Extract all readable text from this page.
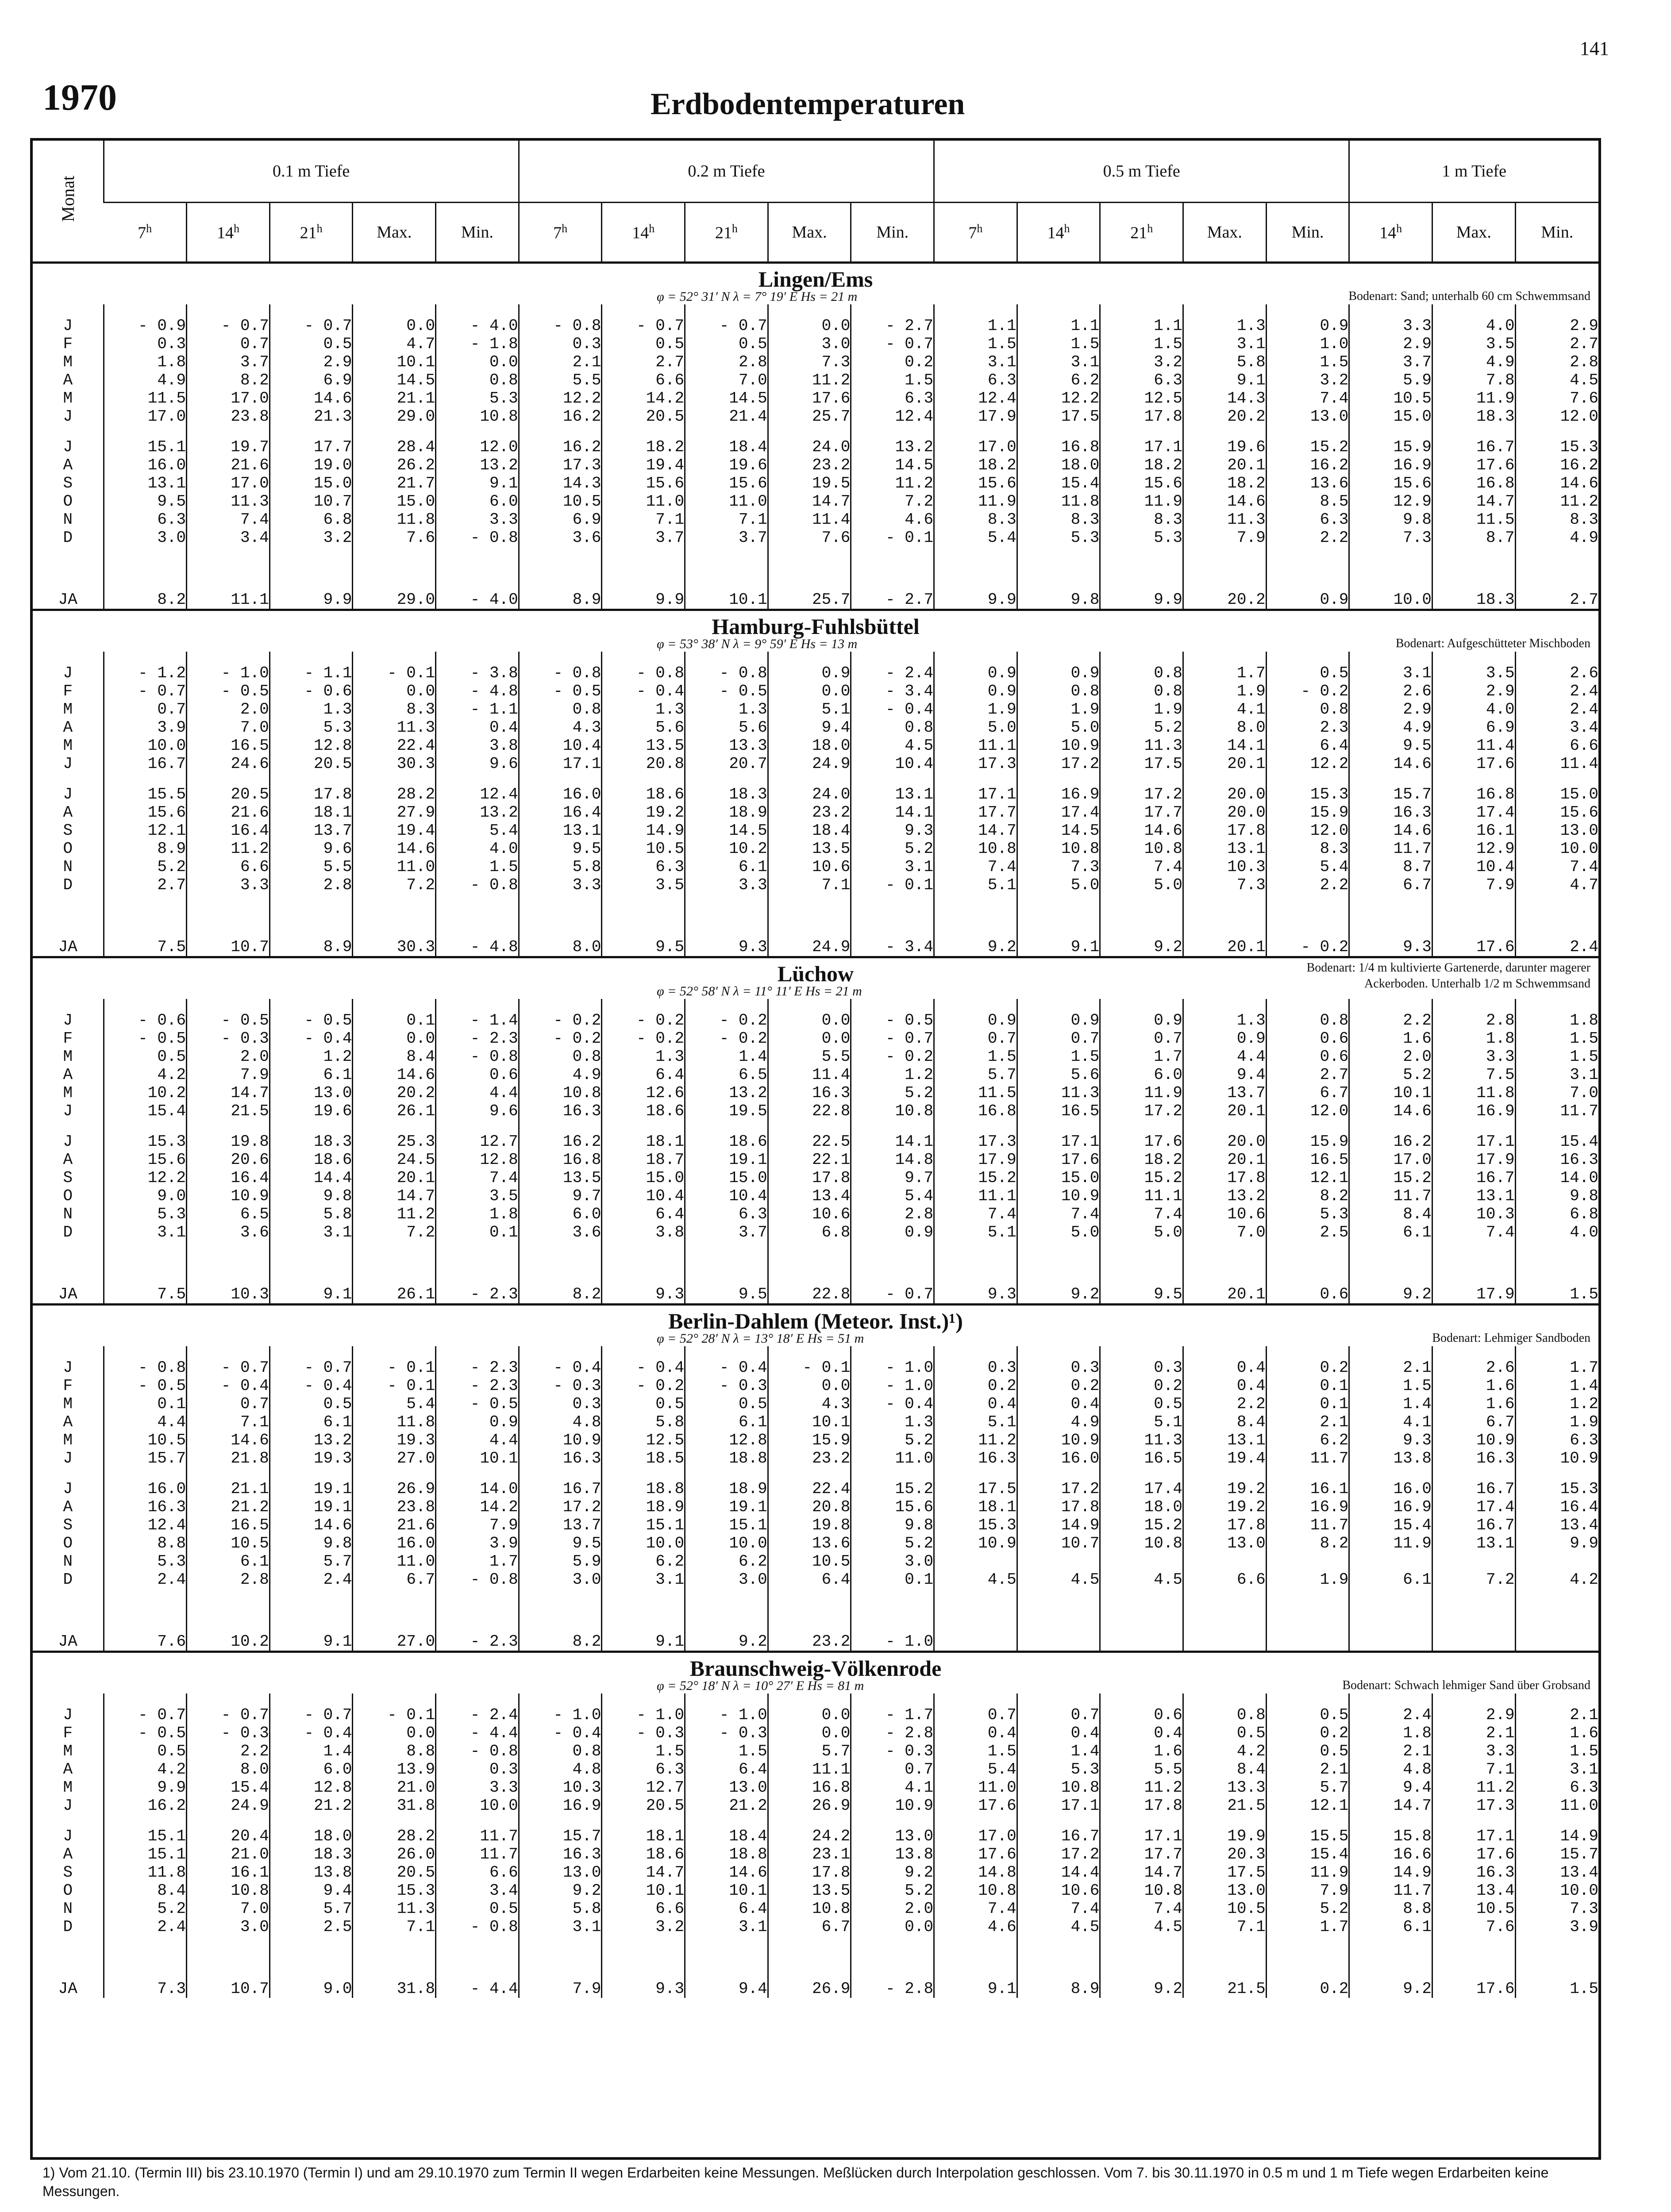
141
1970	Erdbodentemperaturen
Monat	0.1 m Tiefe					0.2 m Tiefe					0.5 m Tiefe					1 m Tiefe		
	7$^h$	14$^h$	21$^h$	Max.	Min.	7$^h$	14$^h$	21$^h$	Max.	Min.	7$^h$	14$^h$	21$^h$	Max.	Min.	14$^h$	Max.	Min.

Lingen/Ems
φ = 52° 31′ N λ = 7° 19′ E Hs = 21 m Bodenart: Sand; unterhalb 60 cm Schwemmsand																		

J	- 0.9	- 0.7	- 0.7	0.0	- 4.0	- 0.8	- 0.7	- 0.7	0.0	- 2.7	1.1	1.1	1.1	1.3	0.9	3.3	4.0	2.9
F	0.3	0.7	0.5	4.7	- 1.8	0.3	0.5	0.5	3.0	- 0.7	1.5	1.5	1.5	3.1	1.0	2.9	3.5	2.7
M	1.8	3.7	2.9	10.1	0.0	2.1	2.7	2.8	7.3	0.2	3.1	3.1	3.2	5.8	1.5	3.7	4.9	2.8
A	4.9	8.2	6.9	14.5	0.8	5.5	6.6	7.0	11.2	1.5	6.3	6.2	6.3	9.1	3.2	5.9	7.8	4.5
M	11.5	17.0	14.6	21.1	5.3	12.2	14.2	14.5	17.6	6.3	12.4	12.2	12.5	14.3	7.4	10.5	11.9	7.6
J	17.0	23.8	21.3	29.0	10.8	16.2	20.5	21.4	25.7	12.4	17.9	17.5	17.8	20.2	13.0	15.0	18.3	12.0

J	15.1	19.7	17.7	28.4	12.0	16.2	18.2	18.4	24.0	13.2	17.0	16.8	17.1	19.6	15.2	15.9	16.7	15.3
A	16.0	21.6	19.0	26.2	13.2	17.3	19.4	19.6	23.2	14.5	18.2	18.0	18.2	20.1	16.2	16.9	17.6	16.2
S	13.1	17.0	15.0	21.7	9.1	14.3	15.6	15.6	19.5	11.2	15.6	15.4	15.6	18.2	13.6	15.6	16.8	14.6
O	9.5	11.3	10.7	15.0	6.0	10.5	11.0	11.0	14.7	7.2	11.9	11.8	11.9	14.6	8.5	12.9	14.7	11.2
N	6.3	7.4	6.8	11.8	3.3	6.9	7.1	7.1	11.4	4.6	8.3	8.3	8.3	11.3	6.3	9.8	11.5	8.3
D	3.0	3.4	3.2	7.6	- 0.8	3.6	3.7	3.7	7.6	- 0.1	5.4	5.3	5.3	7.9	2.2	7.3	8.7	4.9

JA	8.2	11.1	9.9	29.0	- 4.0	8.9	9.9	10.1	25.7	- 2.7	9.9	9.8	9.9	20.2	0.9	10.0	18.3	2.7

Hamburg-Fuhlsbüttel
φ = 53° 38′ N λ = 9° 59′ E Hs = 13 m Bodenart: Aufgeschütteter Mischboden																		

J	- 1.2	- 1.0	- 1.1	- 0.1	- 3.8	- 0.8	- 0.8	- 0.8	0.9	- 2.4	0.9	0.9	0.8	1.7	0.5	3.1	3.5	2.6
F	- 0.7	- 0.5	- 0.6	0.0	- 4.8	- 0.5	- 0.4	- 0.5	0.0	- 3.4	0.9	0.8	0.8	1.9	- 0.2	2.6	2.9	2.4
M	0.7	2.0	1.3	8.3	- 1.1	0.8	1.3	1.3	5.1	- 0.4	1.9	1.9	1.9	4.1	0.8	2.9	4.0	2.4
A	3.9	7.0	5.3	11.3	0.4	4.3	5.6	5.6	9.4	0.8	5.0	5.0	5.2	8.0	2.3	4.9	6.9	3.4
M	10.0	16.5	12.8	22.4	3.8	10.4	13.5	13.3	18.0	4.5	11.1	10.9	11.3	14.1	6.4	9.5	11.4	6.6
J	16.7	24.6	20.5	30.3	9.6	17.1	20.8	20.7	24.9	10.4	17.3	17.2	17.5	20.1	12.2	14.6	17.6	11.4

J	15.5	20.5	17.8	28.2	12.4	16.0	18.6	18.3	24.0	13.1	17.1	16.9	17.2	20.0	15.3	15.7	16.8	15.0
A	15.6	21.6	18.1	27.9	13.2	16.4	19.2	18.9	23.2	14.1	17.7	17.4	17.7	20.0	15.9	16.3	17.4	15.6
S	12.1	16.4	13.7	19.4	5.4	13.1	14.9	14.5	18.4	9.3	14.7	14.5	14.6	17.8	12.0	14.6	16.1	13.0
O	8.9	11.2	9.6	14.6	4.0	9.5	10.5	10.2	13.5	5.2	10.8	10.8	10.8	13.1	8.3	11.7	12.9	10.0
N	5.2	6.6	5.5	11.0	1.5	5.8	6.3	6.1	10.6	3.1	7.4	7.3	7.4	10.3	5.4	8.7	10.4	7.4
D	2.7	3.3	2.8	7.2	- 0.8	3.3	3.5	3.3	7.1	- 0.1	5.1	5.0	5.0	7.3	2.2	6.7	7.9	4.7

JA	7.5	10.7	8.9	30.3	- 4.8	8.0	9.5	9.3	24.9	- 3.4	9.2	9.1	9.2	20.1	- 0.2	9.3	17.6	2.4

Lüchow
φ = 52° 58′ N λ = 11° 11′ E Hs = 21 m
Bodenart: 1/4 m kultivierte Gartenerde, darunter magerer
Ackerboden. Unterhalb 1/2 m Schwemmsand																		

J	- 0.6	- 0.5	- 0.5	0.1	- 1.4	- 0.2	- 0.2	- 0.2	0.0	- 0.5	0.9	0.9	0.9	1.3	0.8	2.2	2.8	1.8
F	- 0.5	- 0.3	- 0.4	0.0	- 2.3	- 0.2	- 0.2	- 0.2	0.0	- 0.7	0.7	0.7	0.7	0.9	0.6	1.6	1.8	1.5
M	0.5	2.0	1.2	8.4	- 0.8	0.8	1.3	1.4	5.5	- 0.2	1.5	1.5	1.7	4.4	0.6	2.0	3.3	1.5
A	4.2	7.9	6.1	14.6	0.6	4.9	6.4	6.5	11.4	1.2	5.7	5.6	6.0	9.4	2.7	5.2	7.5	3.1
M	10.2	14.7	13.0	20.2	4.4	10.8	12.6	13.2	16.3	5.2	11.5	11.3	11.9	13.7	6.7	10.1	11.8	7.0
J	15.4	21.5	19.6	26.1	9.6	16.3	18.6	19.5	22.8	10.8	16.8	16.5	17.2	20.1	12.0	14.6	16.9	11.7

J	15.3	19.8	18.3	25.3	12.7	16.2	18.1	18.6	22.5	14.1	17.3	17.1	17.6	20.0	15.9	16.2	17.1	15.4
A	15.6	20.6	18.6	24.5	12.8	16.8	18.7	19.1	22.1	14.8	17.9	17.6	18.2	20.1	16.5	17.0	17.9	16.3
S	12.2	16.4	14.4	20.1	7.4	13.5	15.0	15.0	17.8	9.7	15.2	15.0	15.2	17.8	12.1	15.2	16.7	14.0
O	9.0	10.9	9.8	14.7	3.5	9.7	10.4	10.4	13.4	5.4	11.1	10.9	11.1	13.2	8.2	11.7	13.1	9.8
N	5.3	6.5	5.8	11.2	1.8	6.0	6.4	6.3	10.6	2.8	7.4	7.4	7.4	10.6	5.3	8.4	10.3	6.8
D	3.1	3.6	3.1	7.2	0.1	3.6	3.8	3.7	6.8	0.9	5.1	5.0	5.0	7.0	2.5	6.1	7.4	4.0

JA	7.5	10.3	9.1	26.1	- 2.3	8.2	9.3	9.5	22.8	- 0.7	9.3	9.2	9.5	20.1	0.6	9.2	17.9	1.5

Berlin-Dahlem (Meteor. Inst.)¹)
φ = 52° 28′ N λ = 13° 18′ E Hs = 51 m Bodenart: Lehmiger Sandboden																		

J	- 0.8	- 0.7	- 0.7	- 0.1	- 2.3	- 0.4	- 0.4	- 0.4	- 0.1	- 1.0	0.3	0.3	0.3	0.4	0.2	2.1	2.6	1.7
F	- 0.5	- 0.4	- 0.4	- 0.1	- 2.3	- 0.3	- 0.2	- 0.3	0.0	- 1.0	0.2	0.2	0.2	0.4	0.1	1.5	1.6	1.4
M	0.1	0.7	0.5	5.4	- 0.5	0.3	0.5	0.5	4.3	- 0.4	0.4	0.4	0.5	2.2	0.1	1.4	1.6	1.2
A	4.4	7.1	6.1	11.8	0.9	4.8	5.8	6.1	10.1	1.3	5.1	4.9	5.1	8.4	2.1	4.1	6.7	1.9
M	10.5	14.6	13.2	19.3	4.4	10.9	12.5	12.8	15.9	5.2	11.2	10.9	11.3	13.1	6.2	9.3	10.9	6.3
J	15.7	21.8	19.3	27.0	10.1	16.3	18.5	18.8	23.2	11.0	16.3	16.0	16.5	19.4	11.7	13.8	16.3	10.9

J	16.0	21.1	19.1	26.9	14.0	16.7	18.8	18.9	22.4	15.2	17.5	17.2	17.4	19.2	16.1	16.0	16.7	15.3
A	16.3	21.2	19.1	23.8	14.2	17.2	18.9	19.1	20.8	15.6	18.1	17.8	18.0	19.2	16.9	16.9	17.4	16.4
S	12.4	16.5	14.6	21.6	7.9	13.7	15.1	15.1	19.8	9.8	15.3	14.9	15.2	17.8	11.7	15.4	16.7	13.4
O	8.8	10.5	9.8	16.0	3.9	9.5	10.0	10.0	13.6	5.2	10.9	10.7	10.8	13.0	8.2	11.9	13.1	9.9
N	5.3	6.1	5.7	11.0	1.7	5.9	6.2	6.2	10.5	3.0								
D	2.4	2.8	2.4	6.7	- 0.8	3.0	3.1	3.0	6.4	0.1	4.5	4.5	4.5	6.6	1.9	6.1	7.2	4.2

JA	7.6	10.2	9.1	27.0	- 2.3	8.2	9.1	9.2	23.2	- 1.0								

Braunschweig-Völkenrode
φ = 52° 18′ N λ = 10° 27′ E Hs = 81 m Bodenart: Schwach lehmiger Sand über Grobsand																		

J	- 0.7	- 0.7	- 0.7	- 0.1	- 2.4	- 1.0	- 1.0	- 1.0	0.0	- 1.7	0.7	0.7	0.6	0.8	0.5	2.4	2.9	2.1
F	- 0.5	- 0.3	- 0.4	0.0	- 4.4	- 0.4	- 0.3	- 0.3	0.0	- 2.8	0.4	0.4	0.4	0.5	0.2	1.8	2.1	1.6
M	0.5	2.2	1.4	8.8	- 0.8	0.8	1.5	1.5	5.7	- 0.3	1.5	1.4	1.6	4.2	0.5	2.1	3.3	1.5
A	4.2	8.0	6.0	13.9	0.3	4.8	6.3	6.4	11.1	0.7	5.4	5.3	5.5	8.4	2.1	4.8	7.1	3.1
M	9.9	15.4	12.8	21.0	3.3	10.3	12.7	13.0	16.8	4.1	11.0	10.8	11.2	13.3	5.7	9.4	11.2	6.3
J	16.2	24.9	21.2	31.8	10.0	16.9	20.5	21.2	26.9	10.9	17.6	17.1	17.8	21.5	12.1	14.7	17.3	11.0

J	15.1	20.4	18.0	28.2	11.7	15.7	18.1	18.4	24.2	13.0	17.0	16.7	17.1	19.9	15.5	15.8	17.1	14.9
A	15.1	21.0	18.3	26.0	11.7	16.3	18.6	18.8	23.1	13.8	17.6	17.2	17.7	20.3	15.4	16.6	17.6	15.7
S	11.8	16.1	13.8	20.5	6.6	13.0	14.7	14.6	17.8	9.2	14.8	14.4	14.7	17.5	11.9	14.9	16.3	13.4
O	8.4	10.8	9.4	15.3	3.4	9.2	10.1	10.1	13.5	5.2	10.8	10.6	10.8	13.0	7.9	11.7	13.4	10.0
N	5.2	7.0	5.7	11.3	0.5	5.8	6.6	6.4	10.8	2.0	7.4	7.4	7.4	10.5	5.2	8.8	10.5	7.3
D	2.4	3.0	2.5	7.1	- 0.8	3.1	3.2	3.1	6.7	0.0	4.6	4.5	4.5	7.1	1.7	6.1	7.6	3.9

JA	7.3	10.7	9.0	31.8	- 4.4	7.9	9.3	9.4	26.9	- 2.8	9.1	8.9	9.2	21.5	0.2	9.2	17.6	1.5
1) Vom 21.10. (Termin III) bis 23.10.1970 (Termin I) und am 29.10.1970 zum Termin II wegen Erdarbeiten keine Messungen. Meßlücken durch Interpolation geschlossen. Vom 7. bis 30.11.1970 in 0.5 m und 1 m Tiefe wegen Erdarbeiten keine Messungen.
